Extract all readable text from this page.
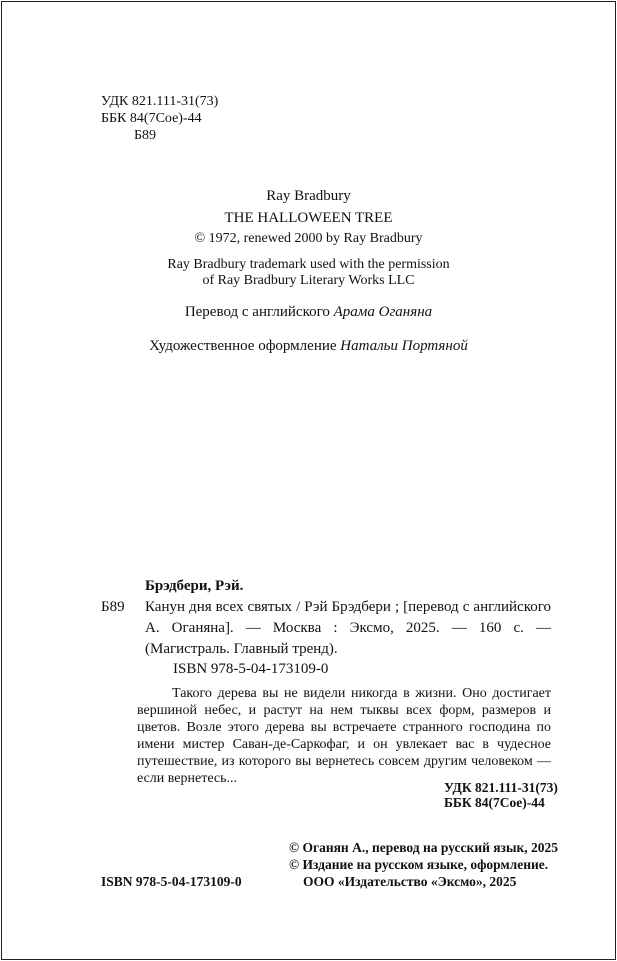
УДК 821.111-31(73)
ББК 84(7Сое)-44
Б89
Ray Bradbury
THE HALLOWEEN TREE
© 1972, renewed 2000 by Ray Bradbury
Ray Bradbury trademark used with the permission
of Ray Bradbury Literary Works LLC
Перевод с английского Арама Оганяна
Художественное оформление Натальи Портяной
Брэдбери, Рэй.
Б89 Канун дня всех святых / Рэй Брэдбери ; [перевод с английского А. Оганяна]. — Москва : Эксмо, 2025. — 160 с. — (Магистраль. Главный тренд).
ISBN 978-5-04-173109-0
Такого дерева вы не видели никогда в жизни. Оно достигает вершиной небес, и растут на нем тыквы всех форм, размеров и цветов. Возле этого дерева вы встречаете странного господина по имени мистер Саван-де-Саркофаг, и он увлекает вас в чудесное путешествие, из которого вы вернетесь совсем другим человеком — если вернетесь...
УДК 821.111-31(73)
ББК 84(7Сое)-44
© Оганян А., перевод на русский язык, 2025
© Издание на русском языке, оформление.
ООО «Издательство «Эксмо», 2025
ISBN 978-5-04-173109-0
